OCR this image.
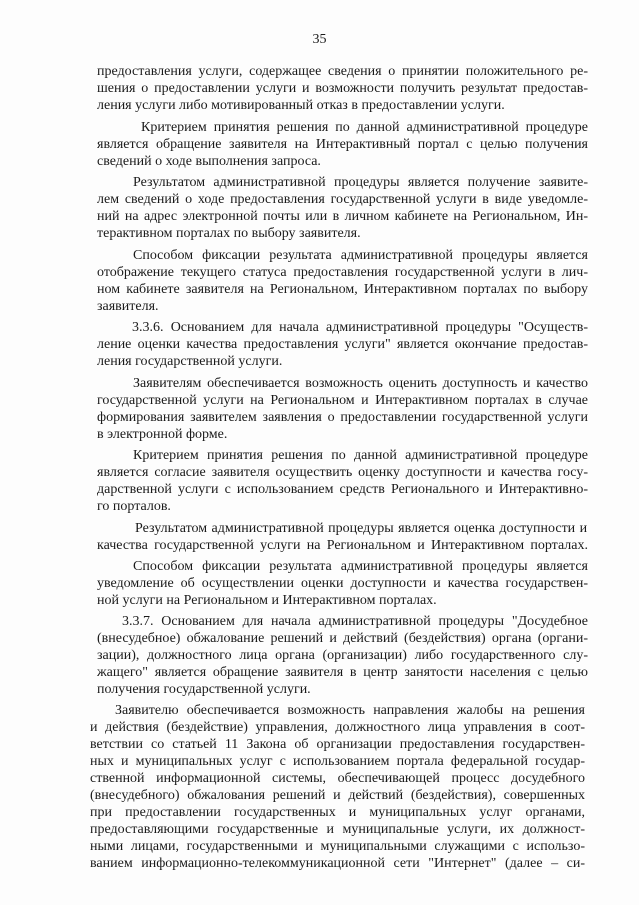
35
предоставления услуги, содержащее сведения о принятии положительного ре-
шения о предоставлении услуги и возможности получить результат предостав-
ления услуги либо мотивированный отказ в предоставлении услуги.
Критерием принятия решения по данной административной процедуре
является обращение заявителя на Интерактивный портал с целью получения
сведений о ходе выполнения запроса.
Результатом административной процедуры является получение заявите-
лем сведений о ходе предоставления государственной услуги в виде уведомле-
ний на адрес электронной почты или в личном кабинете на Региональном, Ин-
терактивном порталах по выбору заявителя.
Способом фиксации результата административной процедуры является
отображение текущего статуса предоставления государственной услуги в лич-
ном кабинете заявителя на Региональном, Интерактивном порталах по выбору
заявителя.
3.3.6. Основанием для начала административной процедуры "Осуществ-
ление оценки качества предоставления услуги" является окончание предостав-
ления государственной услуги.
Заявителям обеспечивается возможность оценить доступность и качество
государственной услуги на Региональном и Интерактивном порталах в случае
формирования заявителем заявления о предоставлении государственной услуги
в электронной форме.
Критерием принятия решения по данной административной процедуре
является согласие заявителя осуществить оценку доступности и качества госу-
дарственной услуги с использованием средств Регионального и Интерактивно-
го порталов.
Результатом административной процедуры является оценка доступности и
качества государственной услуги на Региональном и Интерактивном порталах.
Способом фиксации результата административной процедуры является
уведомление об осуществлении оценки доступности и качества государствен-
ной услуги на Региональном и Интерактивном порталах.
3.3.7. Основанием для начала административной процедуры "Досудебное
(внесудебное) обжалование решений и действий (бездействия) органа (органи-
зации), должностного лица органа (организации) либо государственного слу-
жащего" является обращение заявителя в центр занятости населения с целью
получения государственной услуги.
Заявителю обеспечивается возможность направления жалобы на решения
и действия (бездействие) управления, должностного лица управления в соот-
ветствии со статьей 11 Закона об организации предоставления государствен-
ных и муниципальных услуг с использованием портала федеральной государ-
ственной информационной системы, обеспечивающей процесс досудебного
(внесудебного) обжалования решений и действий (бездействия), совершенных
при предоставлении государственных и муниципальных услуг органами,
предоставляющими государственные и муниципальные услуги, их должност-
ными лицами, государственными и муниципальными служащими с использо-
ванием информационно-телекоммуникационной сети "Интернет" (далее – си-
